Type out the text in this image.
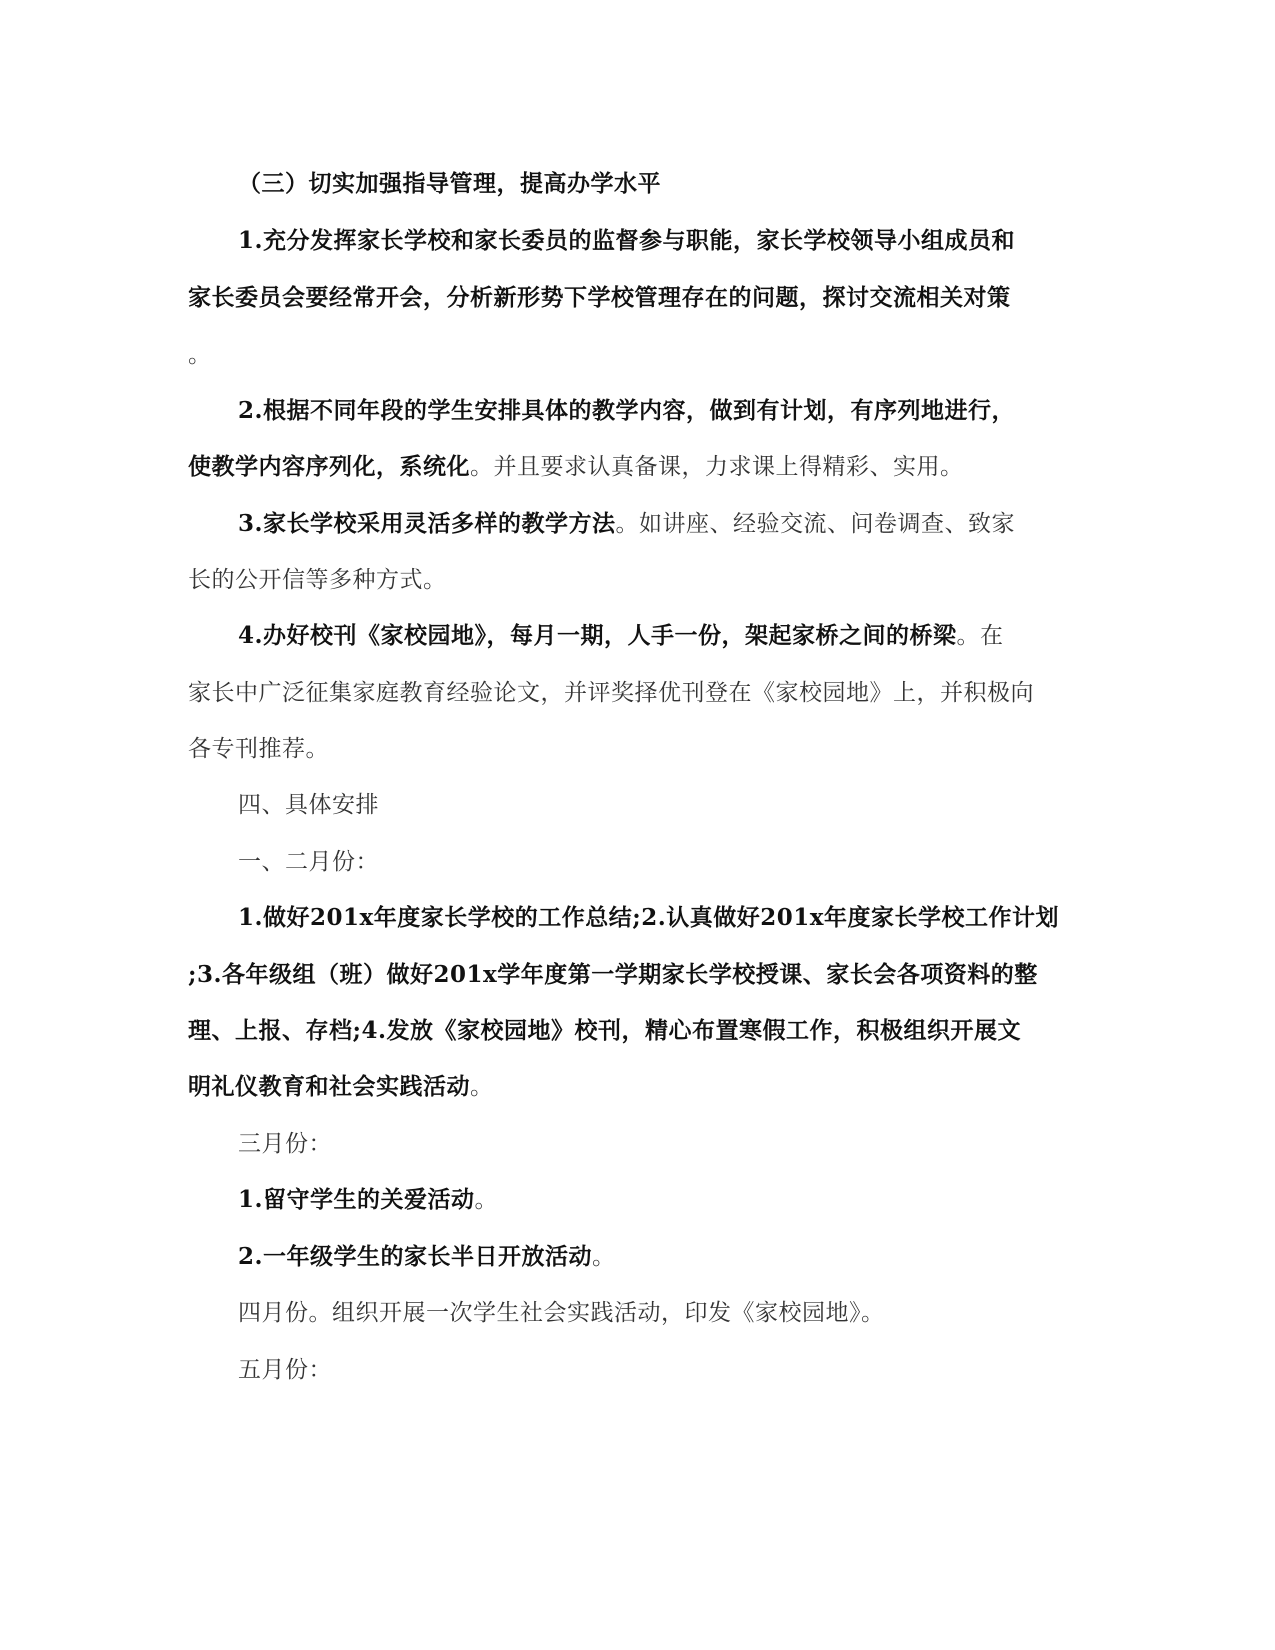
（三）切实加强指导管理，提高办学水平
1.充分发挥家长学校和家长委员的监督参与职能，家长学校领导小组成员和
家长委员会要经常开会，分析新形势下学校管理存在的问题，探讨交流相关对策
。
2.根据不同年段的学生安排具体的教学内容，做到有计划，有序列地进行，
使教学内容序列化，系统化。并且要求认真备课，力求课上得精彩、实用。
3.家长学校采用灵活多样的教学方法。如讲座、经验交流、问卷调查、致家
长的公开信等多种方式。
4.办好校刊《家校园地》，每月一期，人手一份，架起家桥之间的桥梁。在
家长中广泛征集家庭教育经验论文，并评奖择优刊登在《家校园地》上，并积极向
各专刊推荐。
四、具体安排
一、二月份：
1.做好201x年度家长学校的工作总结;2.认真做好201x年度家长学校工作计划
;3.各年级组（班）做好201x学年度第一学期家长学校授课、家长会各项资料的整
理、上报、存档;4.发放《家校园地》校刊，精心布置寒假工作，积极组织开展文
明礼仪教育和社会实践活动。
三月份：
1.留守学生的关爱活动。
2.一年级学生的家长半日开放活动。
四月份。组织开展一次学生社会实践活动，印发《家校园地》。
五月份：
